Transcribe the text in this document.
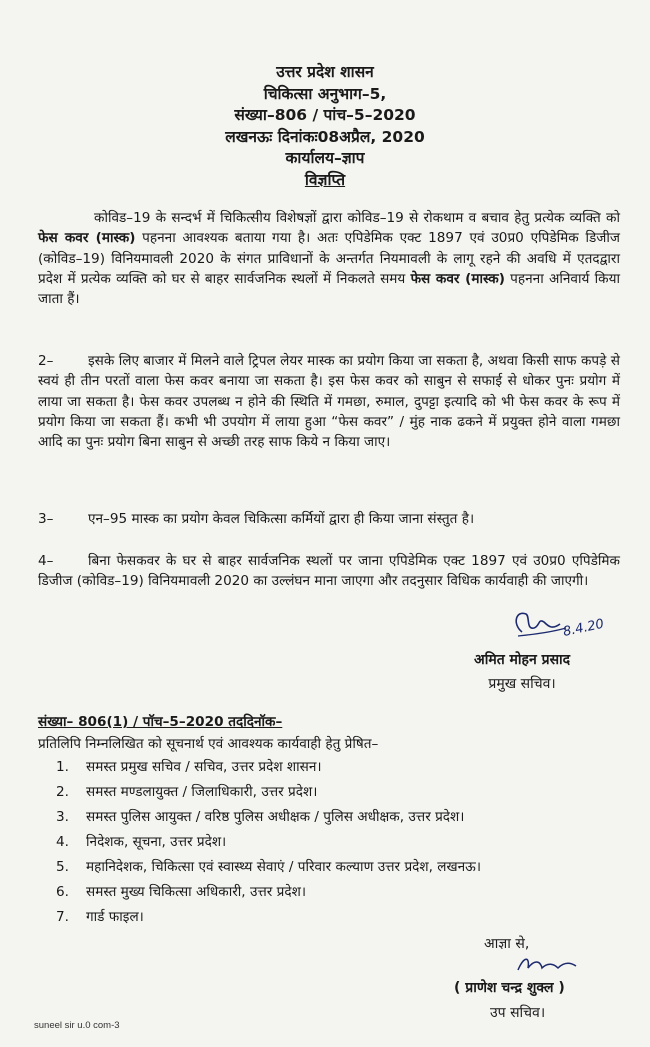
उत्तर प्रदेश शासन
चिकित्सा अनुभाग–5,
संख्या–806 / पांच–5–2020
लखनऊः दिनांकः08अप्रैल, 2020
कार्यालय–ज्ञाप
विज्ञप्ति
कोविड–19 के सन्दर्भ में चिकित्सीय विशेषज्ञों द्वारा कोविड–19 से रोकथाम व बचाव हेतु प्रत्येक व्यक्ति को फेस कवर (मास्क) पहनना आवश्यक बताया गया है। अतः एपिडेमिक एक्ट 1897 एवं उ0प्र0 एपिडेमिक डिजीज (कोविड–19) विनियमावली 2020 के संगत प्राविधानों के अन्तर्गत नियमावली के लागू रहने की अवधि में एतदद्वारा प्रदेश में प्रत्येक व्यक्ति को घर से बाहर सार्वजनिक स्थलों में निकलते समय फेस कवर (मास्क) पहनना अनिवार्य किया जाता हैं।
2–	इसके लिए बाजार में मिलने वाले ट्रिपल लेयर मास्क का प्रयोग किया जा सकता है, अथवा किसी साफ कपड़े से स्वयं ही तीन परतों वाला फेस कवर बनाया जा सकता है। इस फेस कवर को साबुन से सफाई से धोकर पुनः प्रयोग में लाया जा सकता है। फेस कवर उपलब्ध न होने की स्थिति में गमछा, रुमाल, दुपट्टा इत्यादि को भी फेस कवर के रूप में प्रयोग किया जा सकता हैं। कभी भी उपयोग में लाया हुआ “फेस कवर” / मुंह नाक ढकने में प्रयुक्त होने वाला गमछा आदि का पुनः प्रयोग बिना साबुन से अच्छी तरह साफ किये न किया जाए।
3–	एन–95 मास्क का प्रयोग केवल चिकित्सा कर्मियों द्वारा ही किया जाना संस्तुत है।
4–	बिना फेसकवर के घर से बाहर सार्वजनिक स्थलों पर जाना एपिडेमिक एक्ट 1897 एवं उ0प्र0 एपिडेमिक डिजीज (कोविड–19) विनियमावली 2020 का उल्लंघन माना जाएगा और तदनुसार विधिक कार्यवाही की जाएगी।
8.4.20
अमित मोहन प्रसाद
प्रमुख सचिव।
संख्या– 806(1) / पॉच–5–2020 तददिनॉक–
प्रतिलिपि निम्नलिखित को सूचनार्थ एवं आवश्यक कार्यवाही हेतु प्रेषित–
1.	समस्त प्रमुख सचिव / सचिव, उत्तर प्रदेश शासन।
2.	समस्त मण्डलायुक्त / जिलाधिकारी, उत्तर प्रदेश।
3.	समस्त पुलिस आयुक्त / वरिष्ठ पुलिस अधीक्षक / पुलिस अधीक्षक, उत्तर प्रदेश।
4.	निदेशक, सूचना, उत्तर प्रदेश।
5.	महानिदेशक, चिकित्सा एवं स्वास्थ्य सेवाएं / परिवार कल्याण उत्तर प्रदेश, लखनऊ।
6.	समस्त मुख्य चिकित्सा अधिकारी, उत्तर प्रदेश।
7.	गार्ड फाइल।
आज्ञा से,
( प्राणेश चन्द्र शुक्ल )
उप सचिव।
suneel sir u.0 com-3
